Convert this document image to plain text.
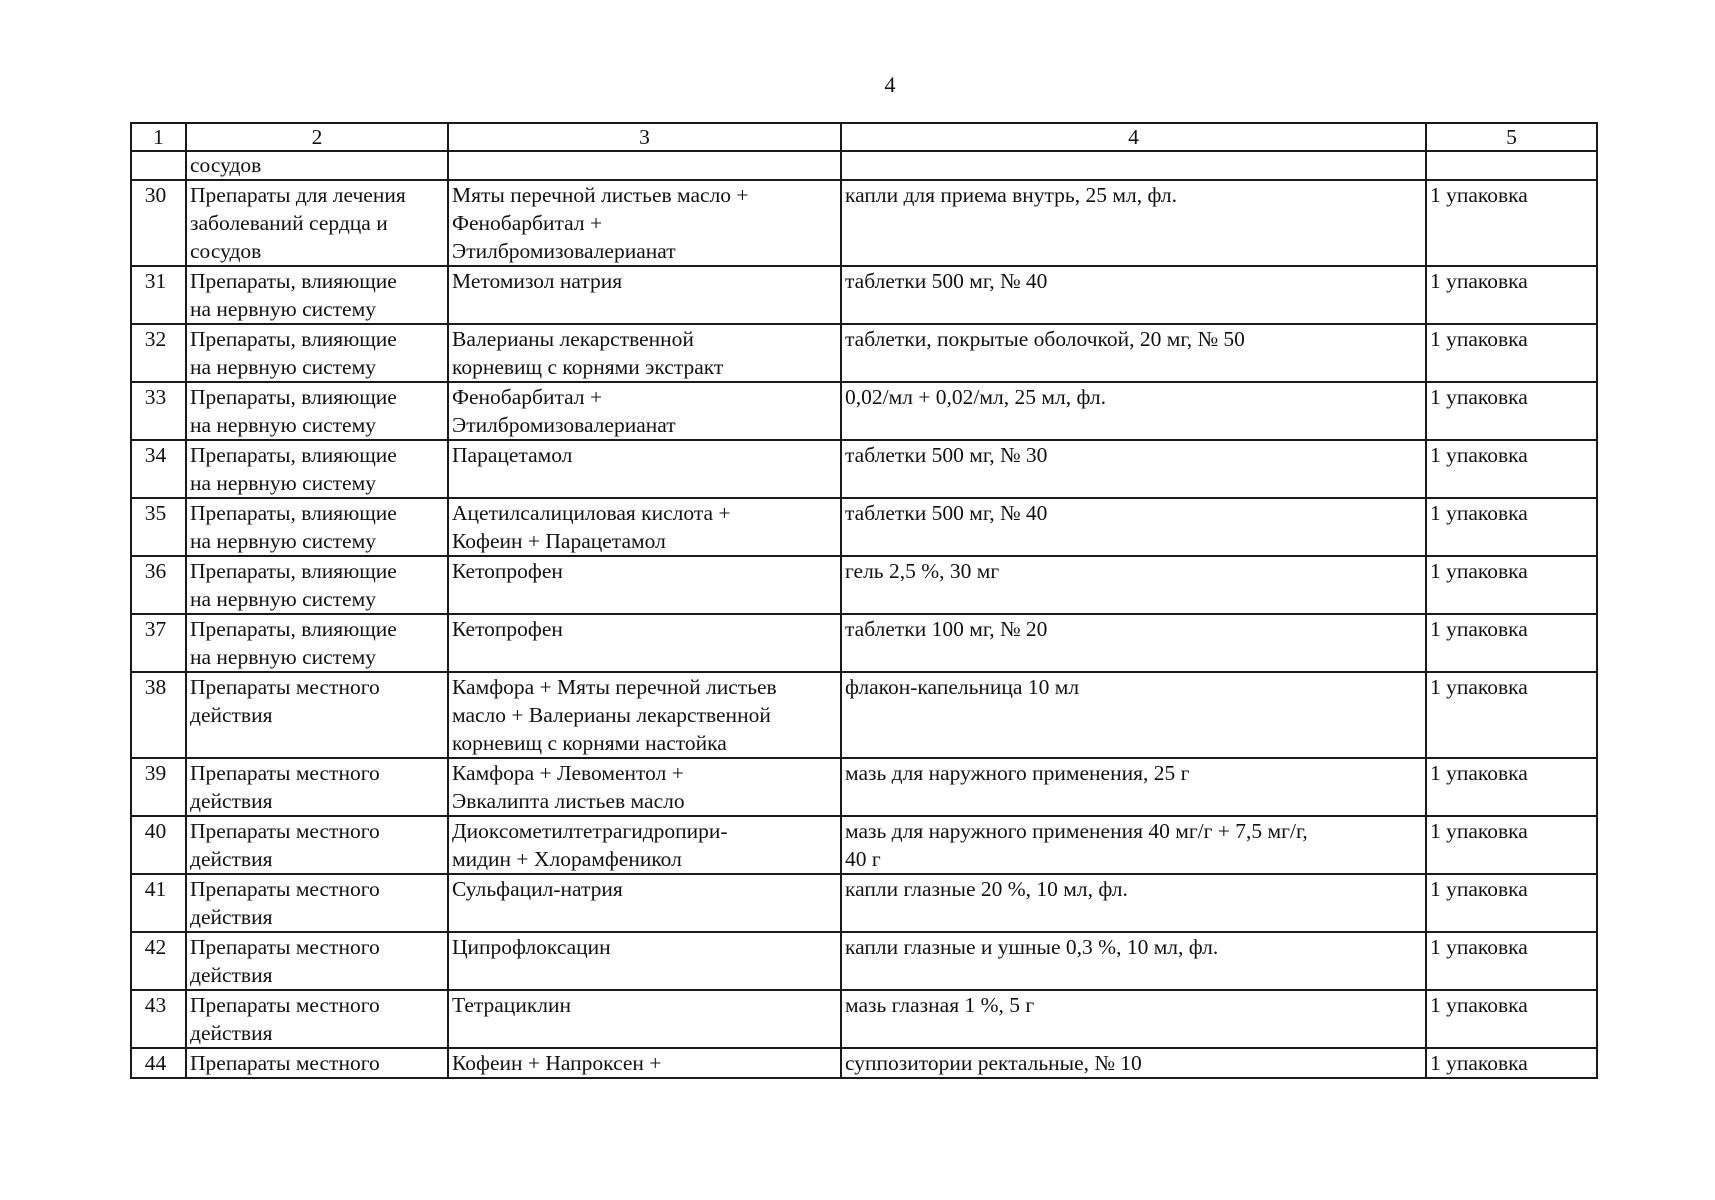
4
1	2	3	4	5

	сосудов			

30	Препараты для лечения
заболеваний сердца и
сосудов	Мяты перечной листьев масло +
Фенобарбитал +
Этилбромизовалерианат	капли для приема внутрь, 25 мл, фл.	1 упаковка
31	Препараты, влияющие
на нервную систему	Метомизол натрия	таблетки 500 мг, № 40	1 упаковка
32	Препараты, влияющие
на нервную систему	Валерианы лекарственной
корневищ с корнями экстракт	таблетки, покрытые оболочкой, 20 мг, № 50	1 упаковка
33	Препараты, влияющие
на нервную систему	Фенобарбитал +
Этилбромизовалерианат	0,02/мл + 0,02/мл, 25 мл, фл.	1 упаковка
34	Препараты, влияющие
на нервную систему	Парацетамол	таблетки 500 мг, № 30	1 упаковка
35	Препараты, влияющие
на нервную систему	Ацетилсалициловая кислота +
Кофеин + Парацетамол	таблетки 500 мг, № 40	1 упаковка
36	Препараты, влияющие
на нервную систему	Кетопрофен	гель 2,5 %, 30 мг	1 упаковка
37	Препараты, влияющие
на нервную систему	Кетопрофен	таблетки 100 мг, № 20	1 упаковка
38	Препараты местного
действия	Камфора + Мяты перечной листьев
масло + Валерианы лекарственной
корневищ с корнями настойка	флакон-капельница 10 мл	1 упаковка
39	Препараты местного
действия	Камфора + Левоментол +
Эвкалипта листьев масло	мазь для наружного применения, 25 г	1 упаковка
40	Препараты местного
действия	Диоксометилтетрагидропири-
мидин + Хлорамфеникол	мазь для наружного применения 40 мг/г + 7,5 мг/г,
40 г	1 упаковка
41	Препараты местного
действия	Сульфацил-натрия	капли глазные 20 %, 10 мл, фл.	1 упаковка
42	Препараты местного
действия	Ципрофлоксацин	капли глазные и ушные 0,3 %, 10 мл, фл.	1 упаковка
43	Препараты местного
действия	Тетрациклин	мазь глазная 1 %, 5 г	1 упаковка
44	Препараты местного	Кофеин + Напроксен +	суппозитории ректальные, № 10	1 упаковка
